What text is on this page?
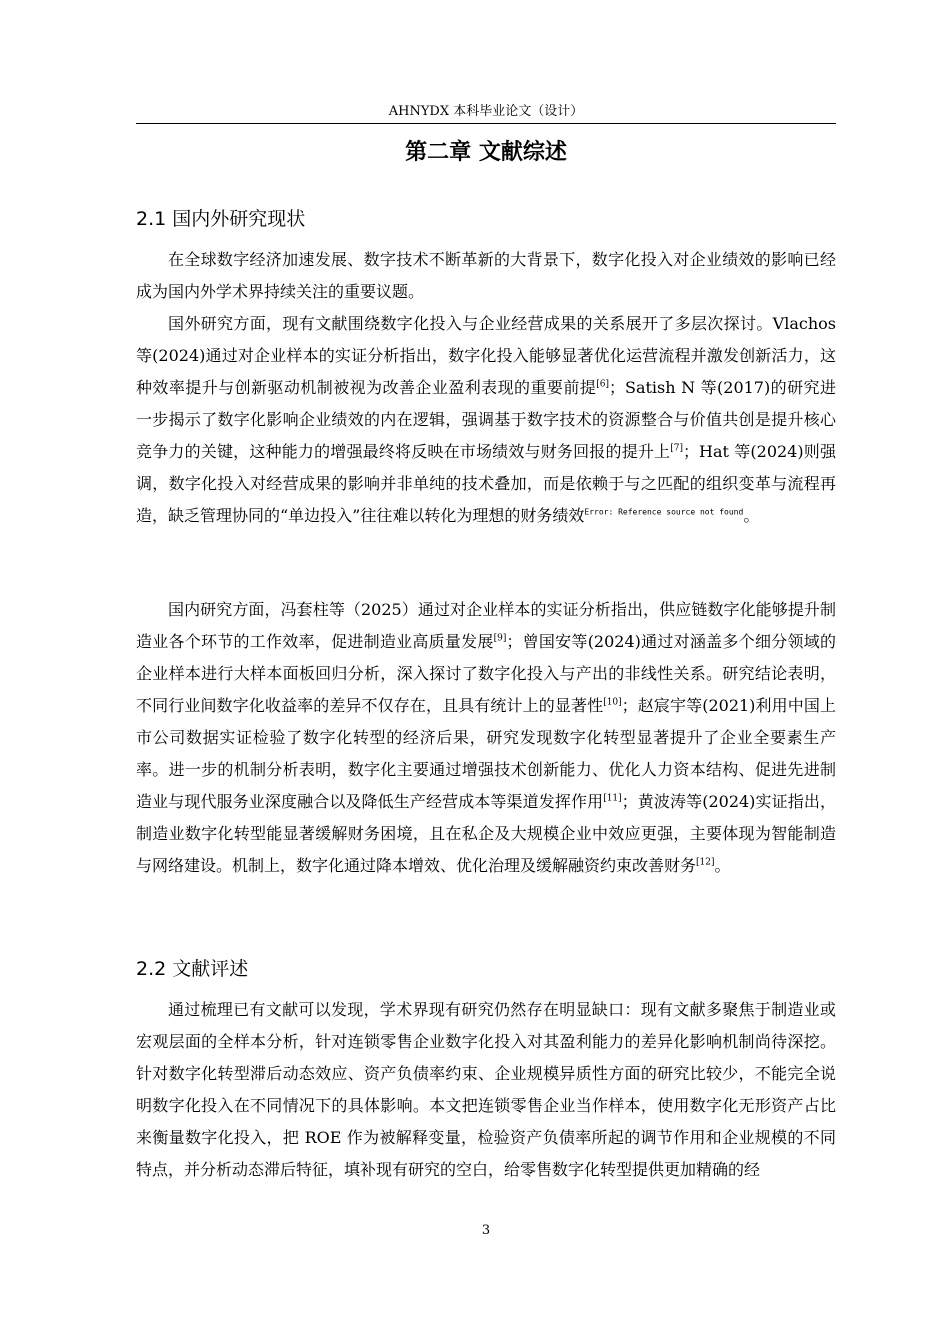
AHNYDX 本科毕业论文（设计）
第二章 文献综述
2.1 国内外研究现状

在全球数字经济加速发展、数字技术不断革新的大背景下，数字化投入对企业绩效的影响已经成为国内外学术界持续关注的重要议题。

国外研究方面，现有文献围绕数字化投入与企业经营成果的关系展开了多层次探讨。Vlachos 等(2024)通过对企业样本的实证分析指出，数字化投入能够显著优化运营流程并激发创新活力，这种效率提升与创新驱动机制被视为改善企业盈利表现的重要前提[6]；Satish N 等(2017)的研究进一步揭示了数字化影响企业绩效的内在逻辑，强调基于数字技术的资源整合与价值共创是提升核心竞争力的关键，这种能力的增强最终将反映在市场绩效与财务回报的提升上[7]；Hat 等(2024)则强调，数字化投入对经营成果的影响并非单纯的技术叠加，而是依赖于与之匹配的组织变革与流程再造，缺乏管理协同的“单边投入”往往难以转化为理想的财务绩效$^{Error: Reference source not found}$。

国内研究方面，冯套柱等（2025）通过对企业样本的实证分析指出，供应链数字化能够提升制造业各个环节的工作效率，促进制造业高质量发展[9]；曾国安等(2024)通过对涵盖多个细分领域的企业样本进行大样本面板回归分析，深入探讨了数字化投入与产出的非线性关系。研究结论表明，不同行业间数字化收益率的差异不仅存在，且具有统计上的显著性[10]；赵宸宇等(2021)利用中国上市公司数据实证检验了数字化转型的经济后果，研究发现数字化转型显著提升了企业全要素生产率。进一步的机制分析表明，数字化主要通过增强技术创新能力、优化人力资本结构、促进先进制造业与现代服务业深度融合以及降低生产经营成本等渠道发挥作用[11]；黄波涛等(2024)实证指出，制造业数字化转型能显著缓解财务困境，且在私企及大规模企业中效应更强，主要体现为智能制造与网络建设。机制上，数字化通过降本增效、优化治理及缓解融资约束改善财务[12]。

2.2 文献评述

通过梳理已有文献可以发现，学术界现有研究仍然存在明显缺口：现有文献多聚焦于制造业或宏观层面的全样本分析，针对连锁零售企业数字化投入对其盈利能力的差异化影响机制尚待深挖。针对数字化转型滞后动态效应、资产负债率约束、企业规模异质性方面的研究比较少，不能完全说明数字化投入在不同情况下的具体影响。本文把连锁零售企业当作样本，使用数字化无形资产占比来衡量数字化投入，把 ROE 作为被解释变量，检验资产负债率所起的调节作用和企业规模的不同特点，并分析动态滞后特征，填补现有研究的空白，给零售数字化转型提供更加精确的经

3
